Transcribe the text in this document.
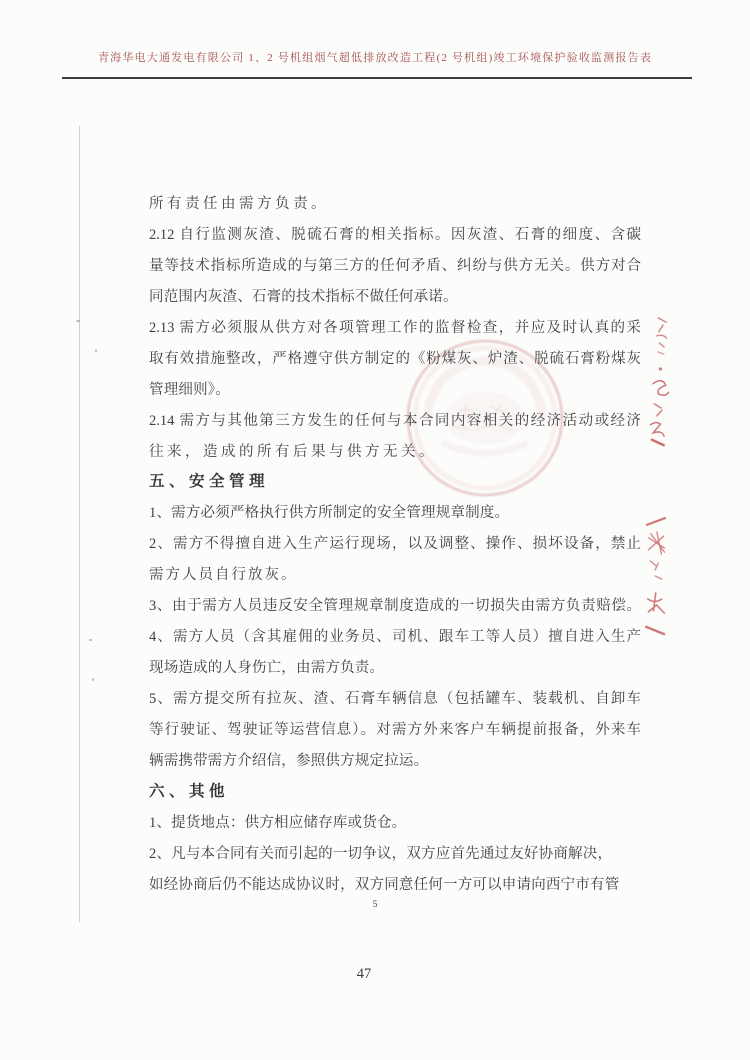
青海华电大通发电有限公司 1、2 号机组烟气超低排放改造工程(2 号机组)竣工环境保护验收监测报告表
所有责任由需方负责。
2.12 自行监测灰渣、脱硫石膏的相关指标。因灰渣、石膏的细度、含碳
量等技术指标所造成的与第三方的任何矛盾、纠纷与供方无关。供方对合
同范围内灰渣、石膏的技术指标不做任何承诺。
2.13 需方必须服从供方对各项管理工作的监督检查，并应及时认真的采
取有效措施整改，严格遵守供方制定的《粉煤灰、炉渣、脱硫石膏粉煤灰
管理细则》。
2.14 需方与其他第三方发生的任何与本合同内容相关的经济活动或经济
往来，造成的所有后果与供方无关。
五、安全管理
1、需方必须严格执行供方所制定的安全管理规章制度。
2、需方不得擅自进入生产运行现场，以及调整、操作、损坏设备，禁止
需方人员自行放灰。
3、由于需方人员违反安全管理规章制度造成的一切损失由需方负责赔偿。
4、需方人员（含其雇佣的业务员、司机、跟车工等人员）擅自进入生产
现场造成的人身伤亡，由需方负责。
5、需方提交所有拉灰、渣、石膏车辆信息（包括罐车、装载机、自卸车
等行驶证、驾驶证等运营信息）。对需方外来客户车辆提前报备，外来车
辆需携带需方介绍信，参照供方规定拉运。
六、其他
1、提货地点：供方相应储存库或货仓。
2、凡与本合同有关而引起的一切争议，双方应首先通过友好协商解决，
如经协商后仍不能达成协议时，双方同意任何一方可以申请向西宁市有管
5
47
